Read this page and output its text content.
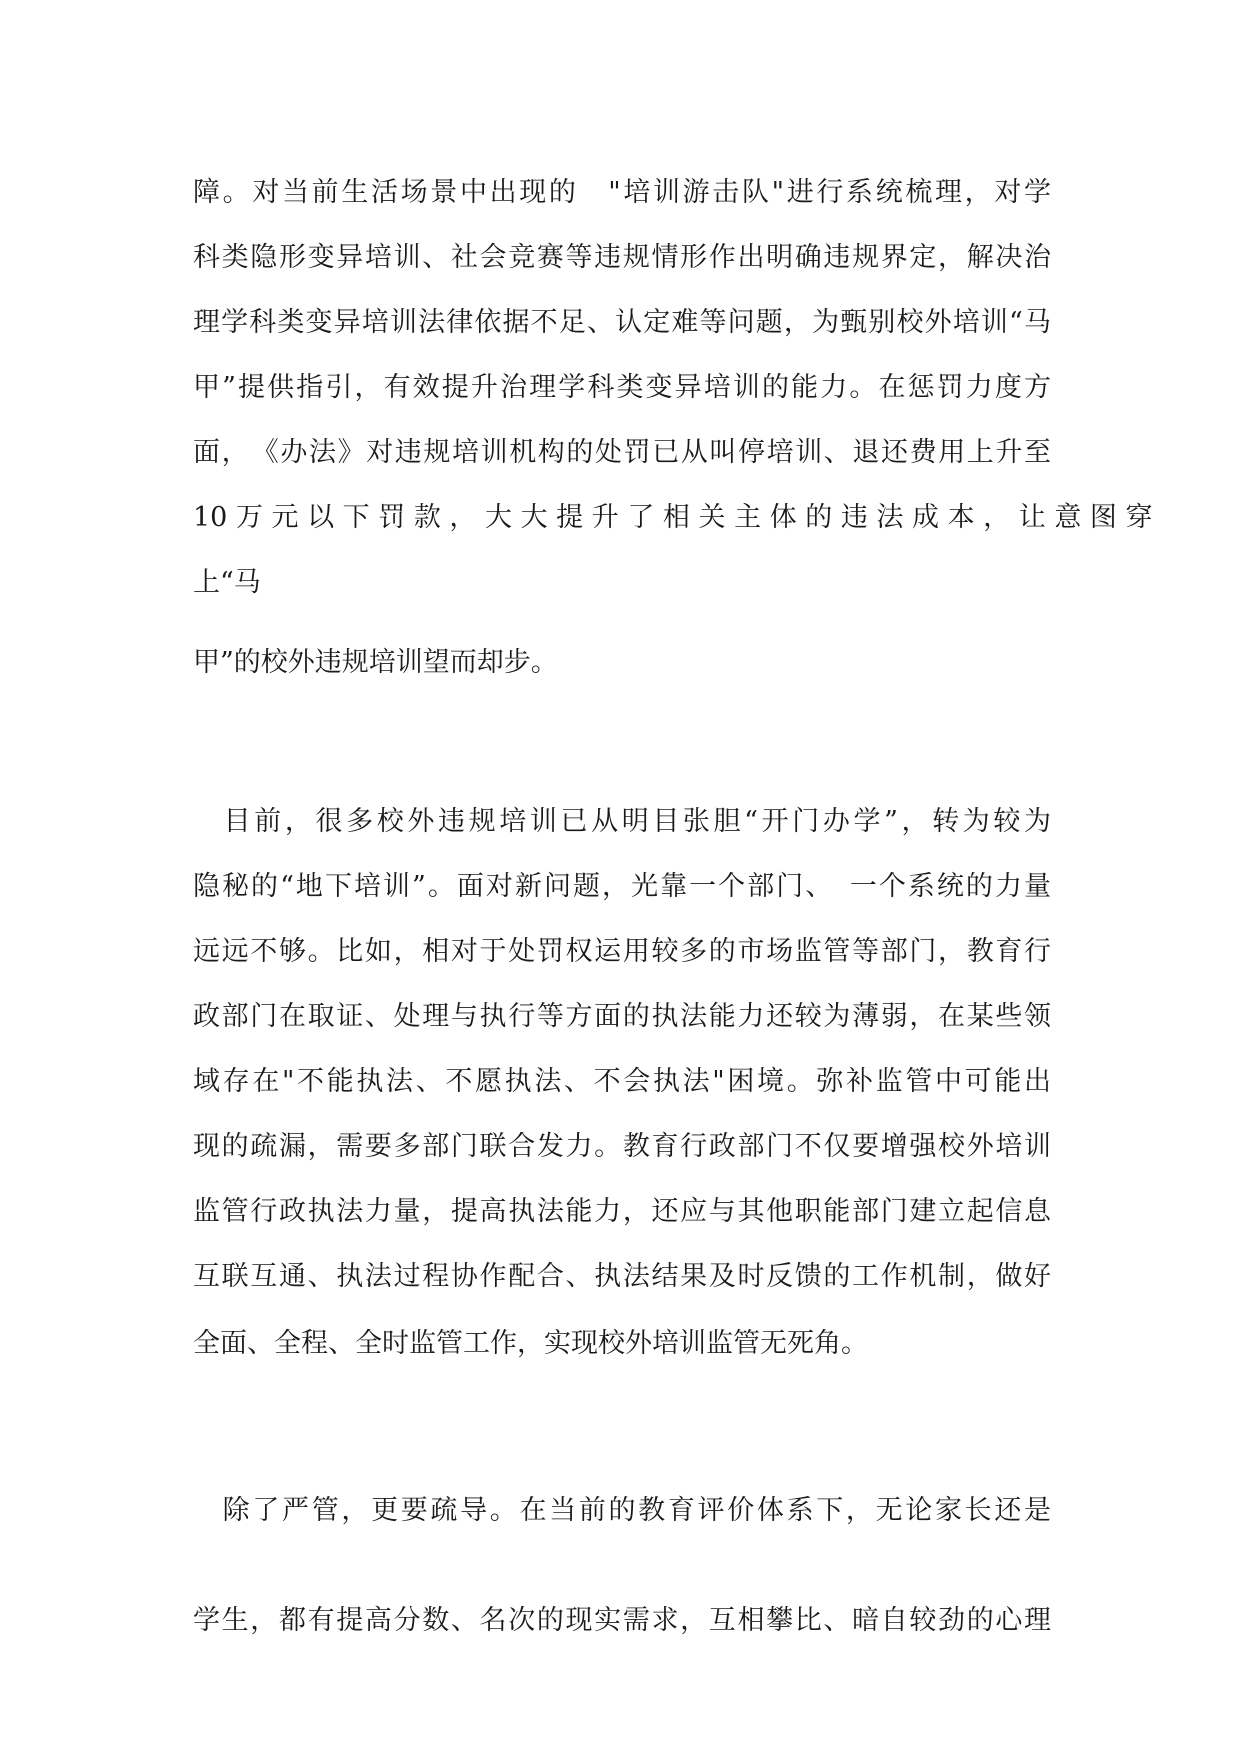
障。对当前生活场景中出现的　"培训游击队"进行系统梳理，对学
科类隐形变异培训、社会竞赛等违规情形作出明确违规界定，解决治
理学科类变异培训法律依据不足、认定难等问题，为甄别校外培训“马
甲”提供指引，有效提升治理学科类变异培训的能力。在惩罚力度方
面，　《办法》对违规培训机构的处罚已从叫停培训、退还费用上升至
10 万 元 以 下 罚 款 ， 大 大 提 升 了 相 关 主 体 的 违 法 成 本 ， 让 意 图 穿
上“马
甲”的校外违规培训望而却步。
　目前，很多校外违规培训已从明目张胆“开门办学”，转为较为
隐秘的“地下培训”。面对新问题，光靠一个部门、　一个系统的力量
远远不够。比如，相对于处罚权运用较多的市场监管等部门，教育行
政部门在取证、处理与执行等方面的执法能力还较为薄弱，在某些领
域存在"不能执法、不愿执法、不会执法"困境。弥补监管中可能出
现的疏漏，需要多部门联合发力。教育行政部门不仅要增强校外培训
监管行政执法力量，提高执法能力，还应与其他职能部门建立起信息
互联互通、执法过程协作配合、执法结果及时反馈的工作机制，做好
全面、全程、全时监管工作，实现校外培训监管无死角。
　除了严管，更要疏导。在当前的教育评价体系下，无论家长还是
学生，都有提高分数、名次的现实需求，互相攀比、暗自较劲的心理
